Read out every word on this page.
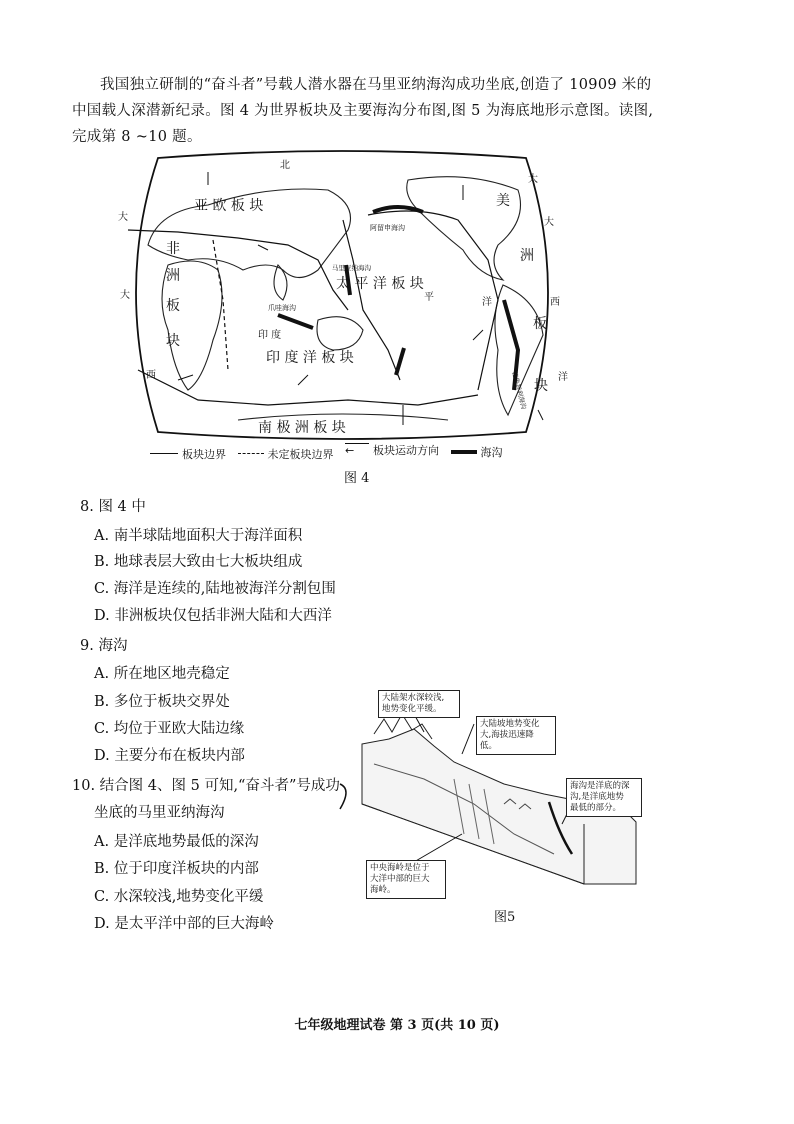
我国独立研制的“奋斗者”号载人潜水器在马里亚纳海沟成功坐底,创造了 10909 米的
中国载人深潜新纪录。图 4 为世界板块及主要海沟分布图,图 5 为海底地形示意图。读图,
完成第 8 ~10 题。
亚 欧 板 块
太 平 洋 板 块
印 度 洋 板 块
南 极 洲 板 块
非
洲
板
块
美
洲
板
块
北
平
印 度
大	大
洋
大
西	洋
西
大
阿留申海沟
马里亚纳海沟
爪哇海沟
秘鲁智利海沟
板块边界
	未定板块边界
←	板块运动方向
	海沟
图 4
8. 图 4 中
A. 南半球陆地面积大于海洋面积
B. 地球表层大致由七大板块组成
C. 海洋是连续的,陆地被海洋分割包围
D. 非洲板块仅包括非洲大陆和大西洋
9. 海沟
A. 所在地区地壳稳定
B. 多位于板块交界处
C. 均位于亚欧大陆边缘
D. 主要分布在板块内部
10. 结合图 4、图 5 可知,“奋斗者”号成功
坐底的马里亚纳海沟
A. 是洋底地势最低的深沟
B. 位于印度洋板块的内部
C. 水深较浅,地势变化平缓
D. 是太平洋中部的巨大海岭
大陆架水深较浅,
地势变化平缓。
大陆坡地势变化
大,海拔迅速降
低。
海沟是洋底的深
沟,是洋底地势
最低的部分。
中央海岭是位于
大洋中部的巨大
海岭。
图5
七年级地理试卷 第 3 页(共 10 页)
